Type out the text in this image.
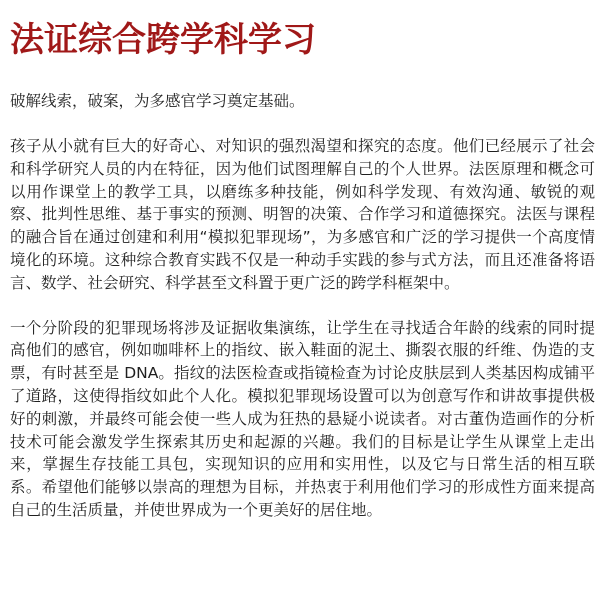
法证综合跨学科学习

破解线索，破案，为多感官学习奠定基础。

孩子从小就有巨大的好奇心、对知识的强烈渴望和探究的态度。他们已经展示了社会和科学研究人员的内在特征，因为他们试图理解自己的个人世界。法医原理和概念可以用作课堂上的教学工具，以磨练多种技能，例如科学发现、有效沟通、敏锐的观察、批判性思维、基于事实的预测、明智的决策、合作学习和道德探究。法医与课程的融合旨在通过创建和利用“模拟犯罪现场”，为多感官和广泛的学习提供一个高度情境化的环境。这种综合教育实践不仅是一种动手实践的参与式方法，而且还准备将语言、数学、社会研究、科学甚至文科置于更广泛的跨学科框架中。

一个分阶段的犯罪现场将涉及证据收集演练，让学生在寻找适合年龄的线索的同时提高他们的感官，例如咖啡杯上的指纹、嵌入鞋面的泥土、撕裂衣服的纤维、伪造的支票，有时甚至是 DNA。指纹的法医检查或指镜检查为讨论皮肤层到人类基因构成铺平了道路，这使得指纹如此个人化。模拟犯罪现场设置可以为创意写作和讲故事提供极好的刺激，并最终可能会使一些人成为狂热的悬疑小说读者。对古董伪造画作的分析技术可能会激发学生探索其历史和起源的兴趣。我们的目标是让学生从课堂上走出来，掌握生存技能工具包，实现知识的应用和实用性，以及它与日常生活的相互联系。希望他们能够以崇高的理想为目标，并热衷于利用他们学习的形成性方面来提高自己的生活质量，并使世界成为一个更美好的居住地。
